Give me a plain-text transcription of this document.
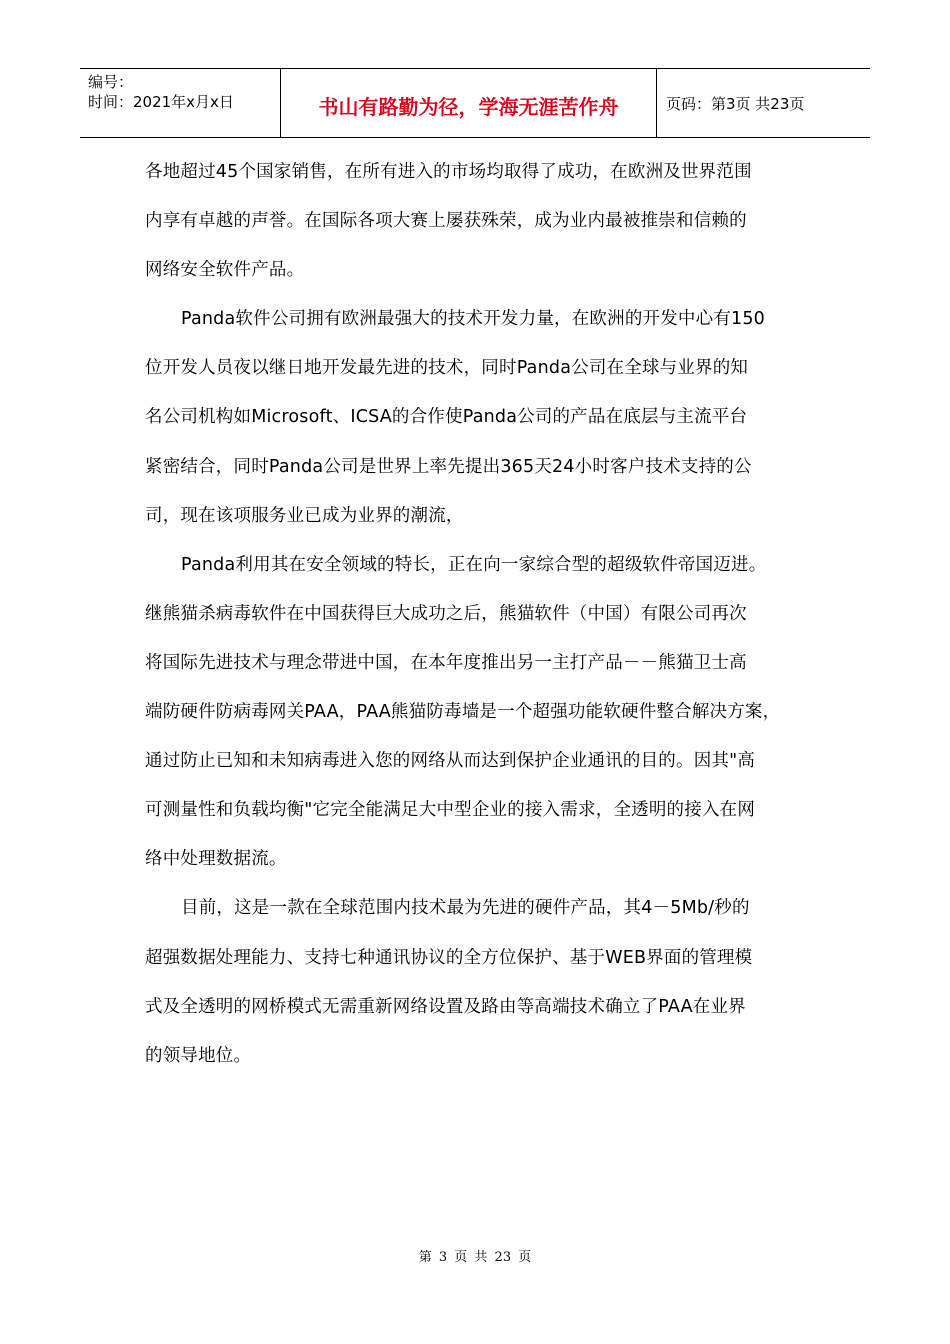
编号：
时间：2021年x月x日	书山有路勤为径，学海无涯苦作舟	页码：第3页 共23页

各地超过45个国家销售，在所有进入的市场均取得了成功，在欧洲及世界范围

内享有卓越的声誉。在国际各项大赛上屡获殊荣，成为业内最被推崇和信赖的

网络安全软件产品。

Panda软件公司拥有欧洲最强大的技术开发力量，在欧洲的开发中心有150

位开发人员夜以继日地开发最先进的技术，同时Panda公司在全球与业界的知

名公司机构如Microsoft、ICSA的合作使Panda公司的产品在底层与主流平台

紧密结合，同时Panda公司是世界上率先提出365天24小时客户技术支持的公

司，现在该项服务业已成为业界的潮流，

Panda利用其在安全领域的特长，正在向一家综合型的超级软件帝国迈进。

继熊猫杀病毒软件在中国获得巨大成功之后，熊猫软件（中国）有限公司再次

将国际先进技术与理念带进中国，在本年度推出另一主打产品－－熊猫卫士高

端防硬件防病毒网关PAA，PAA熊猫防毒墙是一个超强功能软硬件整合解决方案，

通过防止已知和未知病毒进入您的网络从而达到保护企业通讯的目的。因其"高

可测量性和负载均衡"它完全能满足大中型企业的接入需求，全透明的接入在网

络中处理数据流。

目前，这是一款在全球范围内技术最为先进的硬件产品，其4－5Mb/秒的

超强数据处理能力、支持七种通讯协议的全方位保护、基于WEB界面的管理模

式及全透明的网桥模式无需重新网络设置及路由等高端技术确立了PAA在业界

的领导地位。

第 3 页 共 23 页
